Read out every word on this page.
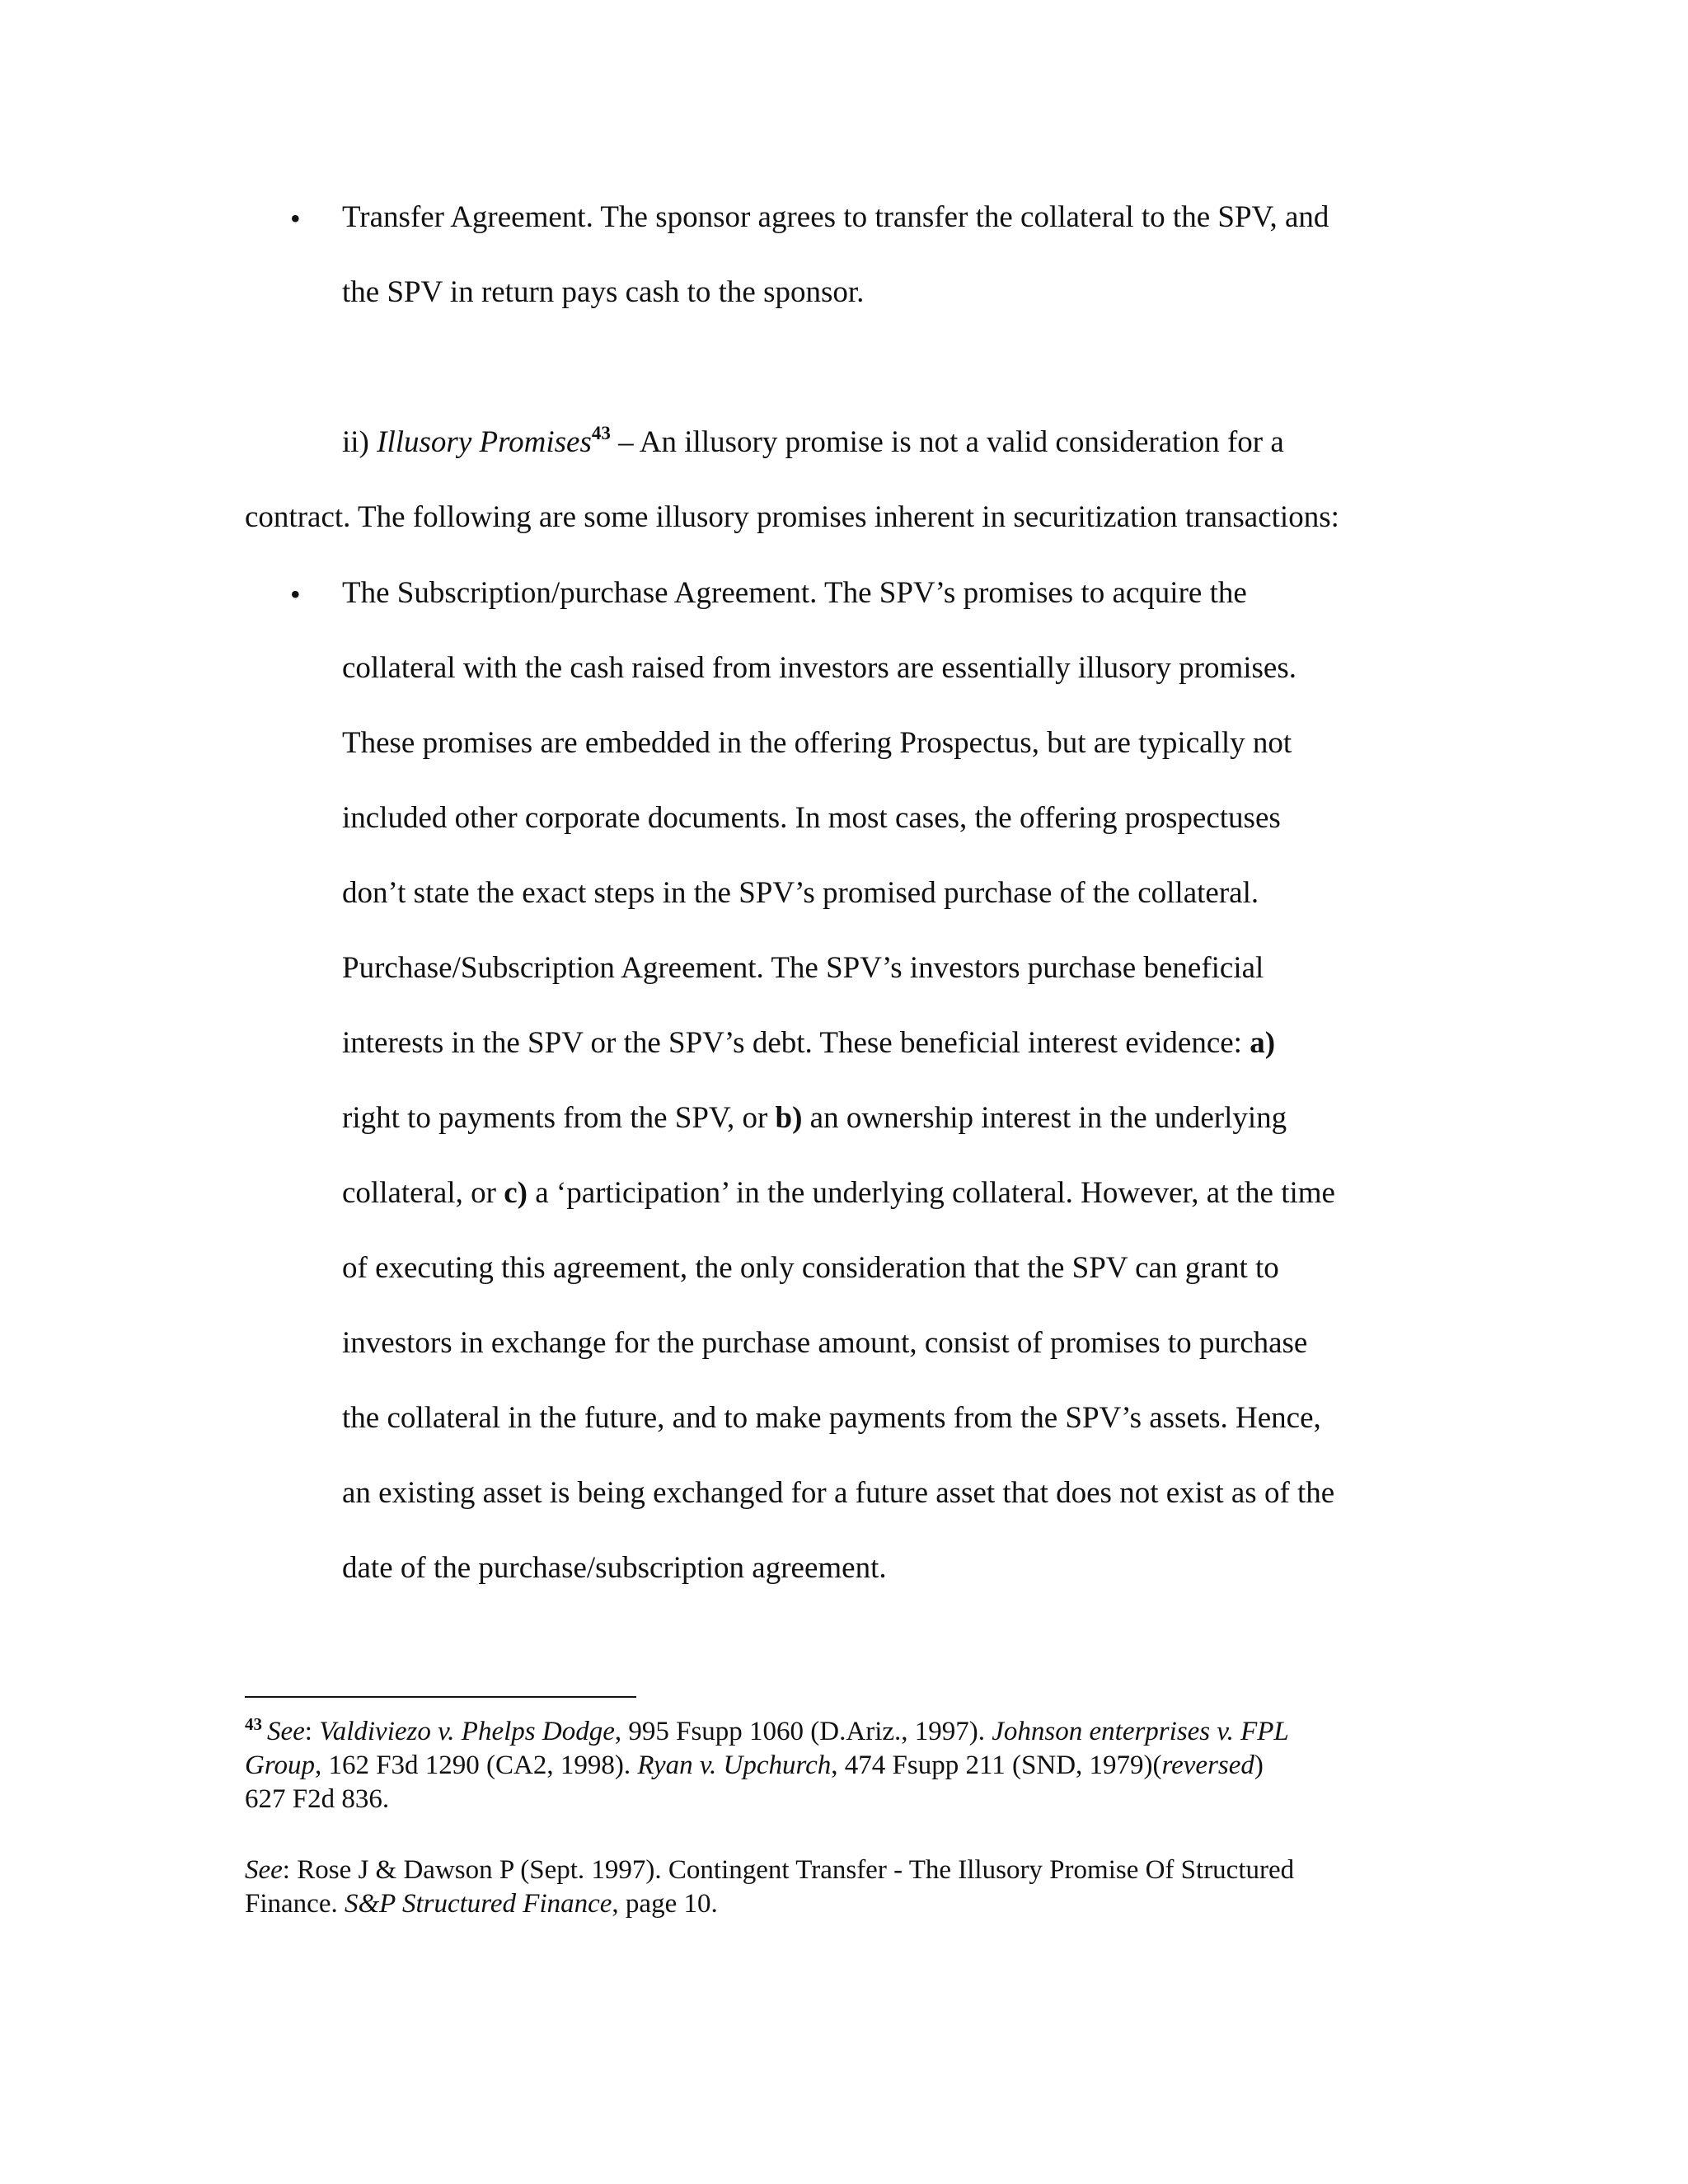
• Transfer Agreement. The sponsor agrees to transfer the collateral to the SPV, and
the SPV in return pays cash to the sponsor.
ii) Illusory Promises$^{43}$ – An illusory promise is not a valid consideration for a
contract. The following are some illusory promises inherent in securitization transactions:
• The Subscription/purchase Agreement. The SPV’s promises to acquire the
collateral with the cash raised from investors are essentially illusory promises.
These promises are embedded in the offering Prospectus, but are typically not
included other corporate documents. In most cases, the offering prospectuses
don’t state the exact steps in the SPV’s promised purchase of the collateral.
Purchase/Subscription Agreement. The SPV’s investors purchase beneficial
interests in the SPV or the SPV’s debt. These beneficial interest evidence: a)
right to payments from the SPV, or b) an ownership interest in the underlying
collateral, or c) a ‘participation’ in the underlying collateral. However, at the time
of executing this agreement, the only consideration that the SPV can grant to
investors in exchange for the purchase amount, consist of promises to purchase
the collateral in the future, and to make payments from the SPV’s assets. Hence,
an existing asset is being exchanged for a future asset that does not exist as of the
date of the purchase/subscription agreement.
$^{43}$ See: Valdiviezo v. Phelps Dodge, 995 Fsupp 1060 (D.Ariz., 1997). Johnson enterprises v. FPL
Group, 162 F3d 1290 (CA2, 1998). Ryan v. Upchurch, 474 Fsupp 211 (SND, 1979)(reversed)
627 F2d 836.
See: Rose J & Dawson P (Sept. 1997). Contingent Transfer - The Illusory Promise Of Structured
Finance. S&P Structured Finance, page 10.
